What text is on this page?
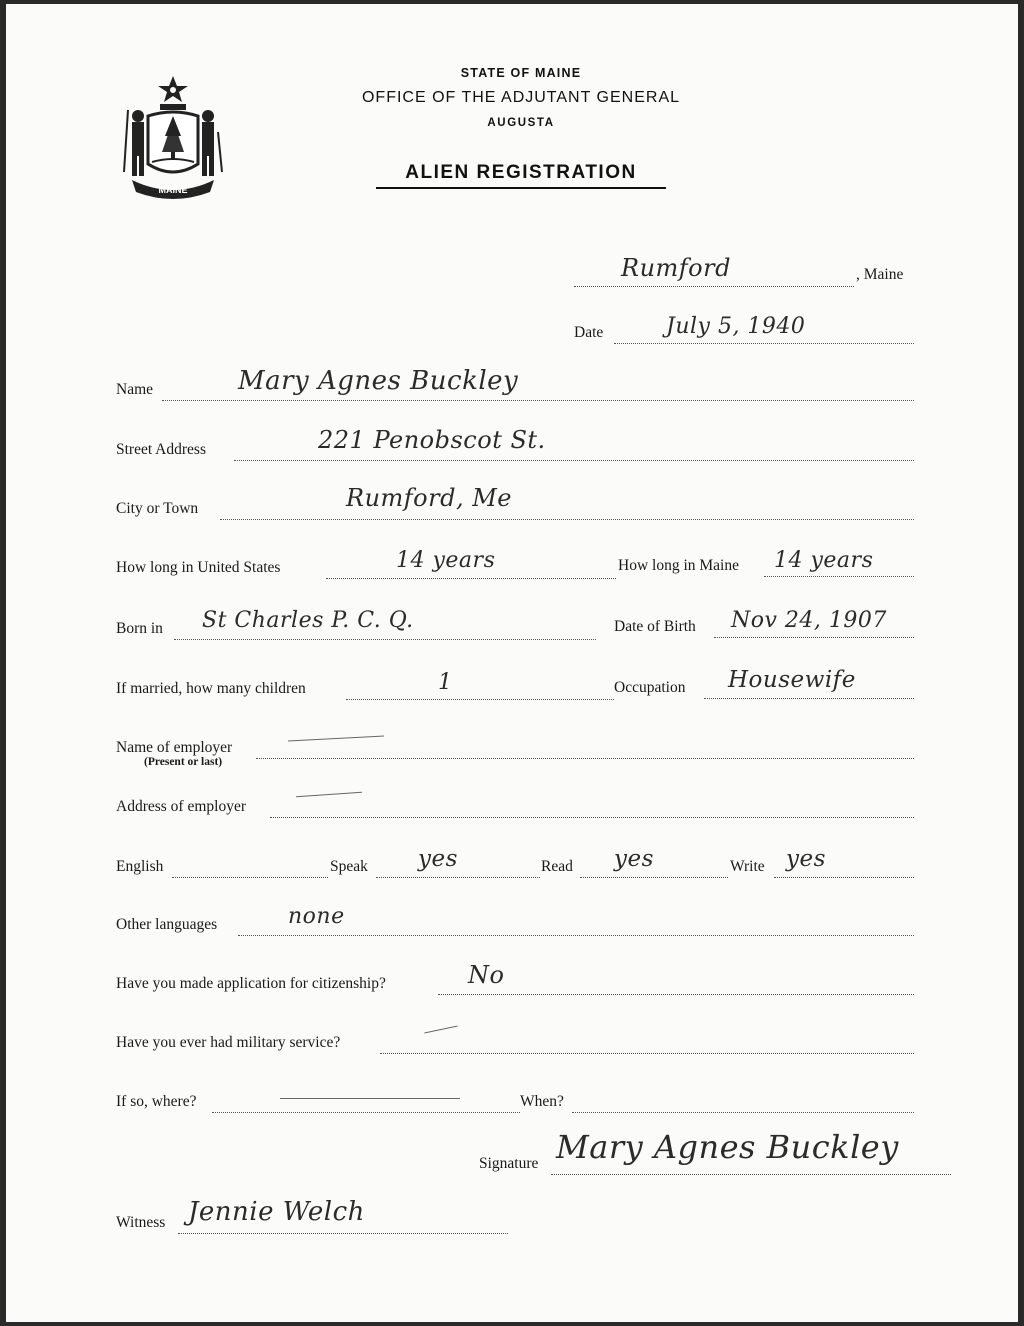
MAINE
STATE OF MAINE
OFFICE OF THE ADJUTANT GENERAL
AUGUSTA
ALIEN REGISTRATION
Rumford	, Maine
Date	July 5, 1940
Name	Mary Agnes Buckley
Street Address	221 Penobscot St.
City or Town	Rumford, Me
How long in United States	14 years	How long in Maine 14 years
Born in St Charles P. C. Q.	Date of Birth Nov 24, 1907
If married, how many children	1	Occupation Housewife
Name of employer
(Present or last)
Address of employer
English	Speak yes	Read yes	Write yes
Other languages	none
Have you made application for citizenship?	No
Have you ever had military service?
If so, where?	When?
Signature Mary Agnes Buckley
Witness Jennie Welch
